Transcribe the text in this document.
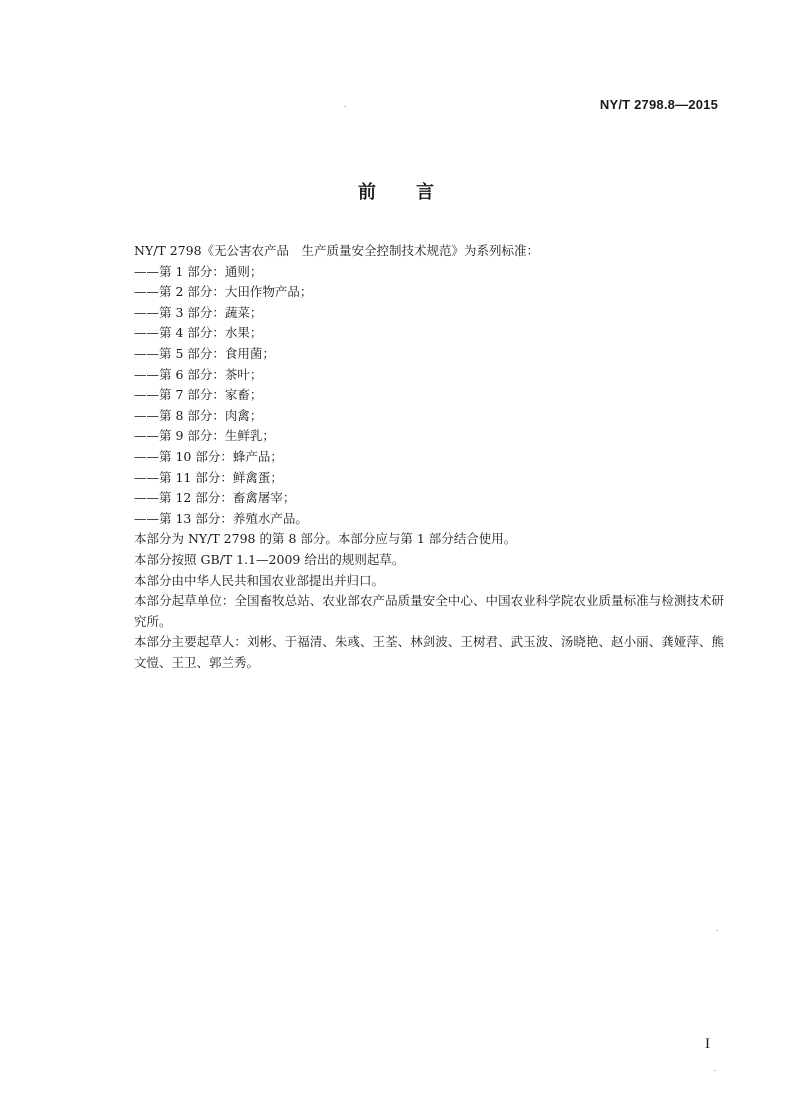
NY/T 2798.8—2015
前言
NY/T 2798《无公害农产品　生产质量安全控制技术规范》为系列标准：
——第 1 部分：通则；
——第 2 部分：大田作物产品；
——第 3 部分：蔬菜；
——第 4 部分：水果；
——第 5 部分：食用菌；
——第 6 部分：茶叶；
——第 7 部分：家畜；
——第 8 部分：肉禽；
——第 9 部分：生鲜乳；
——第 10 部分：蜂产品；
——第 11 部分：鲜禽蛋；
——第 12 部分：畜禽屠宰；
——第 13 部分：养殖水产品。
本部分为 NY/T 2798 的第 8 部分。本部分应与第 1 部分结合使用。
本部分按照 GB/T 1.1—2009 给出的规则起草。
本部分由中华人民共和国农业部提出并归口。
本部分起草单位：全国畜牧总站、农业部农产品质量安全中心、中国农业科学院农业质量标准与检测技术研究所。
本部分主要起草人：刘彬、于福清、朱彧、王荃、林剑波、王树君、武玉波、汤晓艳、赵小丽、龚娅萍、熊文愷、王卫、郭兰秀。
I
